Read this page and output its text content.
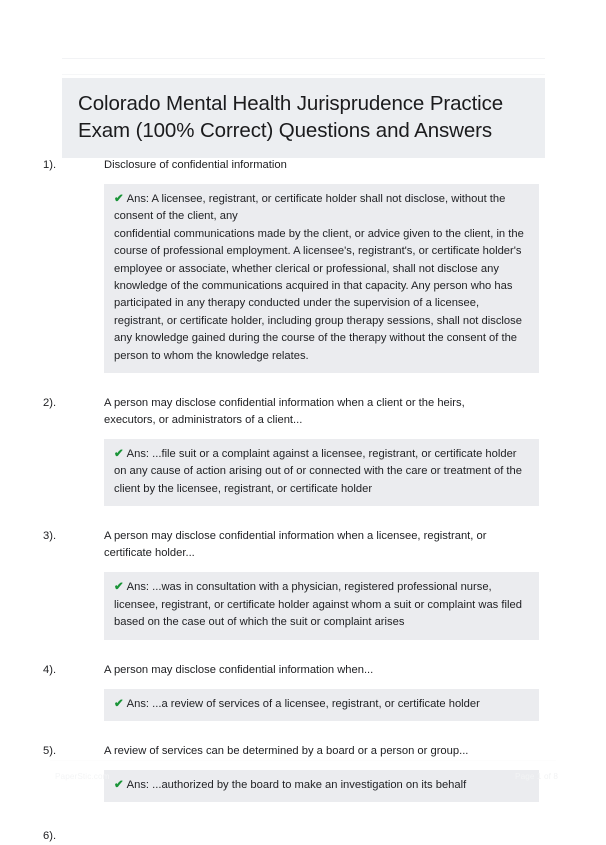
Colorado Mental Health Jurisprudence Practice Exam (100% Correct) Questions and Answers
1).	Disclosure of confidential information
✔ Ans: A licensee, registrant, or certificate holder shall not disclose, without the consent of the client, any
confidential communications made by the client, or advice given to the client, in the course of professional employment. A licensee's, registrant's, or certificate holder's employee or associate, whether clerical or professional, shall not disclose any knowledge of the communications acquired in that capacity. Any person who has participated in any therapy conducted under the supervision of a licensee, registrant, or certificate holder, including group therapy sessions, shall not disclose any knowledge gained during the course of the therapy without the consent of the person to whom the knowledge relates.
2).	A person may disclose confidential information when a client or the heirs, executors, or administrators of a client...
✔ Ans: ...file suit or a complaint against a licensee, registrant, or certificate holder on any cause of action arising out of or connected with the care or treatment of the client by the licensee, registrant, or certificate holder
3).	A person may disclose confidential information when a licensee, registrant, or certificate holder...
✔ Ans: ...was in consultation with a physician, registered professional nurse, licensee, registrant, or certificate holder against whom a suit or complaint was filed based on the case out of which the suit or complaint arises
4).	A person may disclose confidential information when...
✔ Ans: ...a review of services of a licensee, registrant, or certificate holder
5).	A review of services can be determined by a board or a person or group...
✔ Ans: ...authorized by the board to make an investigation on its behalf
6).
PaperStic.com	Page 1 of 8
